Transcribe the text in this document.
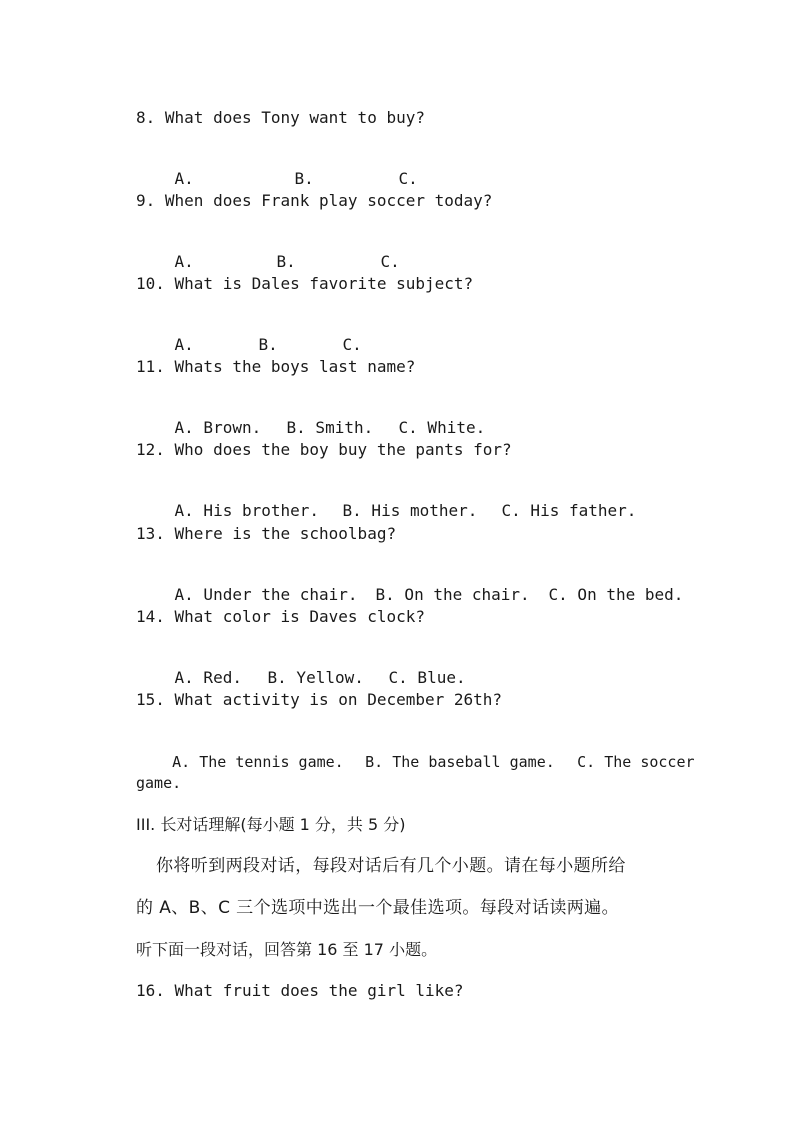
8. What does Tony want to buy?

A.	B.	C.

9. When does Frank play soccer today?

A.	B.	C.

10. What is Dales favorite subject?

A.	B.	C.

11. Whats the boys last name?

A. Brown. B. Smith. C. White.

12. Who does the boy buy the pants for?

A. His brother. B. His mother. C. His father.

13. Where is the schoolbag?

A. Under the chair. B. On the chair. C. On the bed.

14. What color is Daves clock?

A. Red. B. Yellow. C. Blue.

15. What activity is on December 26th?

A. The tennis game. B. The baseball game. C. The soccer

game.
III. 长对话理解(每小题 1 分，共 5 分)
你将听到两段对话，每段对话后有几个小题。请在每小题所给
的 A、B、C 三个选项中选出一个最佳选项。每段对话读两遍。
听下面一段对话，回答第 16 至 17 小题。
16. What fruit does the girl like?
